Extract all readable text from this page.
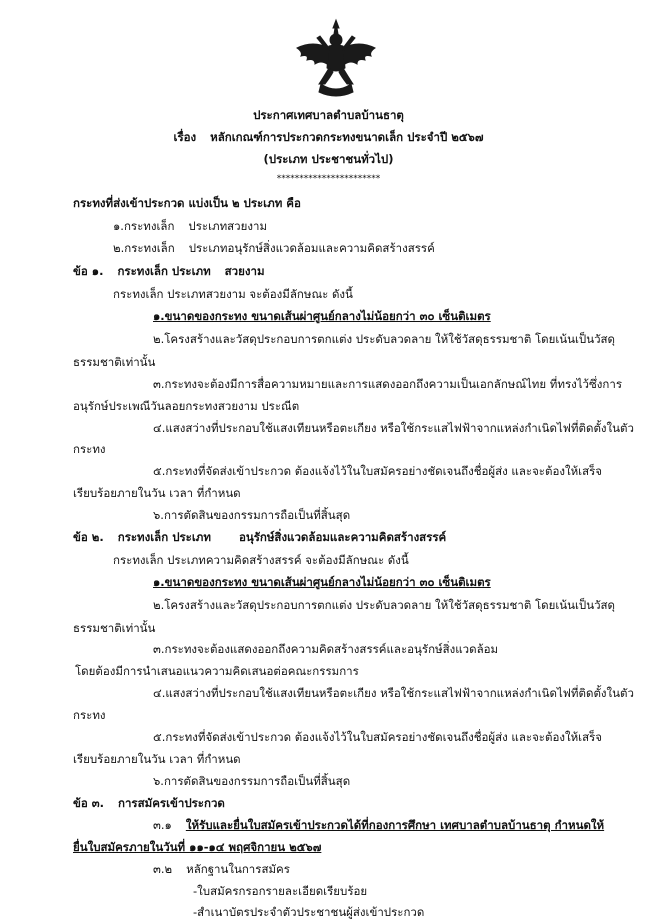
ประกาศเทศบาลตำบลบ้านธาตุ
เรื่อง หลักเกณฑ์การประกวดกระทงขนาดเล็ก ประจำปี ๒๕๖๗
(ประเภท ประชาชนทั่วไป)
***********************
กระทงที่ส่งเข้าประกวด แบ่งเป็น ๒ ประเภท คือ
๑.กระทงเล็ก ประเภทสวยงาม
๒.กระทงเล็ก ประเภทอนุรักษ์สิ่งแวดล้อมและความคิดสร้างสรรค์
ข้อ ๑. กระทงเล็ก ประเภท สวยงาม
กระทงเล็ก ประเภทสวยงาม จะต้องมีลักษณะ ดังนี้
๑.ขนาดของกระทง ขนาดเส้นผ่าศูนย์กลางไม่น้อยกว่า ๓๐ เซ็นติเมตร
๒.โครงสร้างและวัสดุประกอบการตกแต่ง ประดับลวดลาย ให้ใช้วัสดุธรรมชาติ โดยเน้นเป็นวัสดุ
ธรรมชาติเท่านั้น
๓.กระทงจะต้องมีการสื่อความหมายและการแสดงออกถึงความเป็นเอกลักษณ์ไทย ที่ทรงไว้ซึ่งการ
อนุรักษ์ประเพณีวันลอยกระทงสวยงาม ประณีต
๔.แสงสว่างที่ประกอบใช้แสงเทียนหรือตะเกียง หรือใช้กระแสไฟฟ้าจากแหล่งกำเนิดไฟที่ติดตั้งในตัว
กระทง
๕.กระทงที่จัดส่งเข้าประกวด ต้องแจ้งไว้ในใบสมัครอย่างชัดเจนถึงชื่อผู้ส่ง และจะต้องให้เสร็จ
เรียบร้อยภายในวัน เวลา ที่กำหนด
๖.การตัดสินของกรรมการถือเป็นที่สิ้นสุด
ข้อ ๒. กระทงเล็ก ประเภท อนุรักษ์สิ่งแวดล้อมและความคิดสร้างสรรค์
กระทงเล็ก ประเภทความคิดสร้างสรรค์ จะต้องมีลักษณะ ดังนี้
๑.ขนาดของกระทง ขนาดเส้นผ่าศูนย์กลางไม่น้อยกว่า ๓๐ เซ็นติเมตร
๒.โครงสร้างและวัสดุประกอบการตกแต่ง ประดับลวดลาย ให้ใช้วัสดุธรรมชาติ โดยเน้นเป็นวัสดุ
ธรรมชาติเท่านั้น
๓.กระทงจะต้องแสดงออกถึงความคิดสร้างสรรค์และอนุรักษ์สิ่งแวดล้อม
โดยต้องมีการนำเสนอแนวความคิดเสนอต่อคณะกรรมการ
๔.แสงสว่างที่ประกอบใช้แสงเทียนหรือตะเกียง หรือใช้กระแสไฟฟ้าจากแหล่งกำเนิดไฟที่ติดตั้งในตัว
กระทง
๕.กระทงที่จัดส่งเข้าประกวด ต้องแจ้งไว้ในใบสมัครอย่างชัดเจนถึงชื่อผู้ส่ง และจะต้องให้เสร็จ
เรียบร้อยภายในวัน เวลา ที่กำหนด
๖.การตัดสินของกรรมการถือเป็นที่สิ้นสุด
ข้อ ๓. การสมัครเข้าประกวด
๓.๑ ให้รับและยื่นใบสมัครเข้าประกวดได้ที่กองการศึกษา เทศบาลตำบลบ้านธาตุ กำหนดให้
ยื่นใบสมัครภายในวันที่ ๑๑-๑๔ พฤศจิกายน ๒๕๖๗
๓.๒ หลักฐานในการสมัคร
-ใบสมัครกรอกรายละเอียดเรียบร้อย
-สำเนาบัตรประจำตัวประชาชนผู้ส่งเข้าประกวด
